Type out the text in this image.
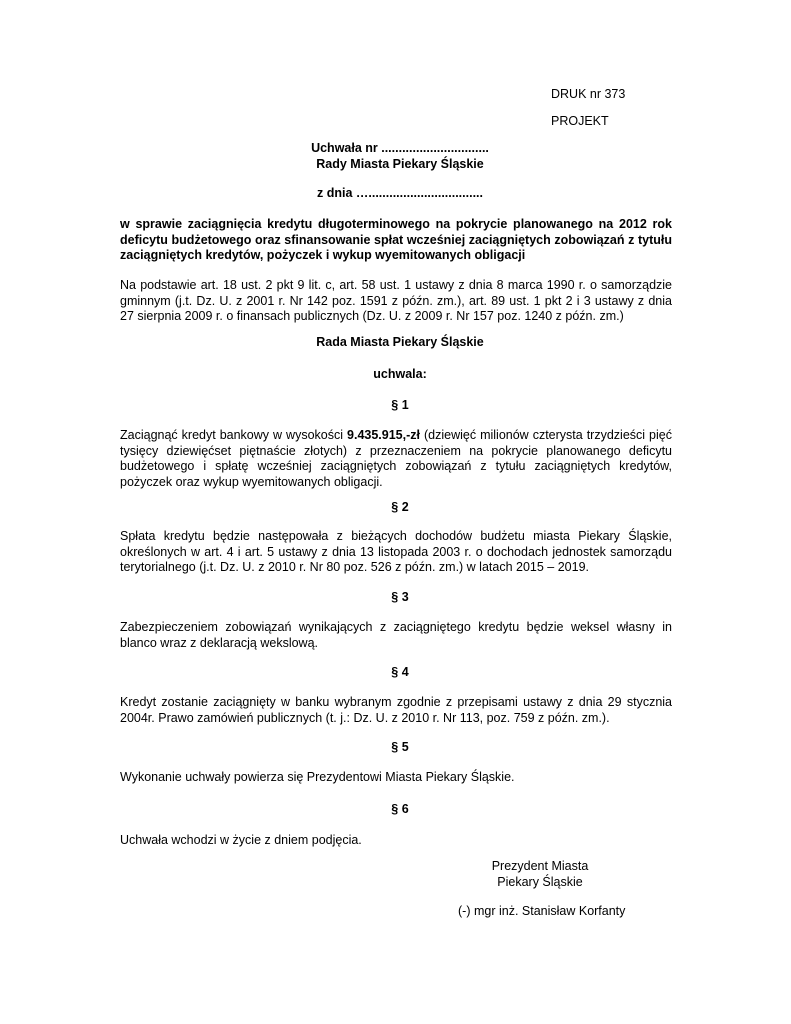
DRUK nr 373
PROJEKT
Uchwała nr ...............................
Rady Miasta Piekary Śląskie
z dnia ….................................
w sprawie zaciągnięcia kredytu długoterminowego na pokrycie planowanego na 2012 rok deficytu budżetowego oraz sfinansowanie spłat wcześniej zaciągniętych zobowiązań z tytułu zaciągniętych kredytów, pożyczek i wykup wyemitowanych obligacji
Na podstawie art. 18 ust. 2 pkt 9 lit. c, art. 58 ust. 1 ustawy z dnia 8 marca 1990 r. o samorządzie gminnym (j.t. Dz. U. z 2001 r. Nr 142 poz. 1591 z późn. zm.), art. 89 ust. 1 pkt 2 i 3 ustawy z dnia 27 sierpnia 2009 r. o finansach publicznych (Dz. U. z 2009 r. Nr 157 poz. 1240 z późn. zm.)
Rada Miasta Piekary Śląskie
uchwala:
§ 1
Zaciągnąć kredyt bankowy w wysokości 9.435.915,-zł (dziewięć milionów czterysta trzydzieści pięć tysięcy dziewięćset piętnaście złotych) z przeznaczeniem na pokrycie planowanego deficytu budżetowego i spłatę wcześniej zaciągniętych zobowiązań z tytułu zaciągniętych kredytów, pożyczek oraz wykup wyemitowanych obligacji.
§ 2
Spłata kredytu będzie następowała z bieżących dochodów budżetu miasta Piekary Śląskie, określonych w art. 4 i art. 5 ustawy z dnia 13 listopada 2003 r. o dochodach jednostek samorządu terytorialnego (j.t. Dz. U. z 2010 r. Nr 80 poz. 526 z późn. zm.) w latach 2015 – 2019.
§ 3
Zabezpieczeniem zobowiązań wynikających z zaciągniętego kredytu będzie weksel własny in blanco wraz z deklaracją wekslową.
§ 4
Kredyt zostanie zaciągnięty w banku wybranym zgodnie z przepisami ustawy z dnia 29 stycznia 2004r. Prawo zamówień publicznych (t. j.: Dz. U. z 2010 r. Nr 113, poz. 759 z późn. zm.).
§ 5
Wykonanie uchwały powierza się Prezydentowi Miasta Piekary Śląskie.
§ 6
Uchwała wchodzi w życie z dniem podjęcia.
Prezydent Miasta
Piekary Śląskie
(-) mgr inż. Stanisław Korfanty
